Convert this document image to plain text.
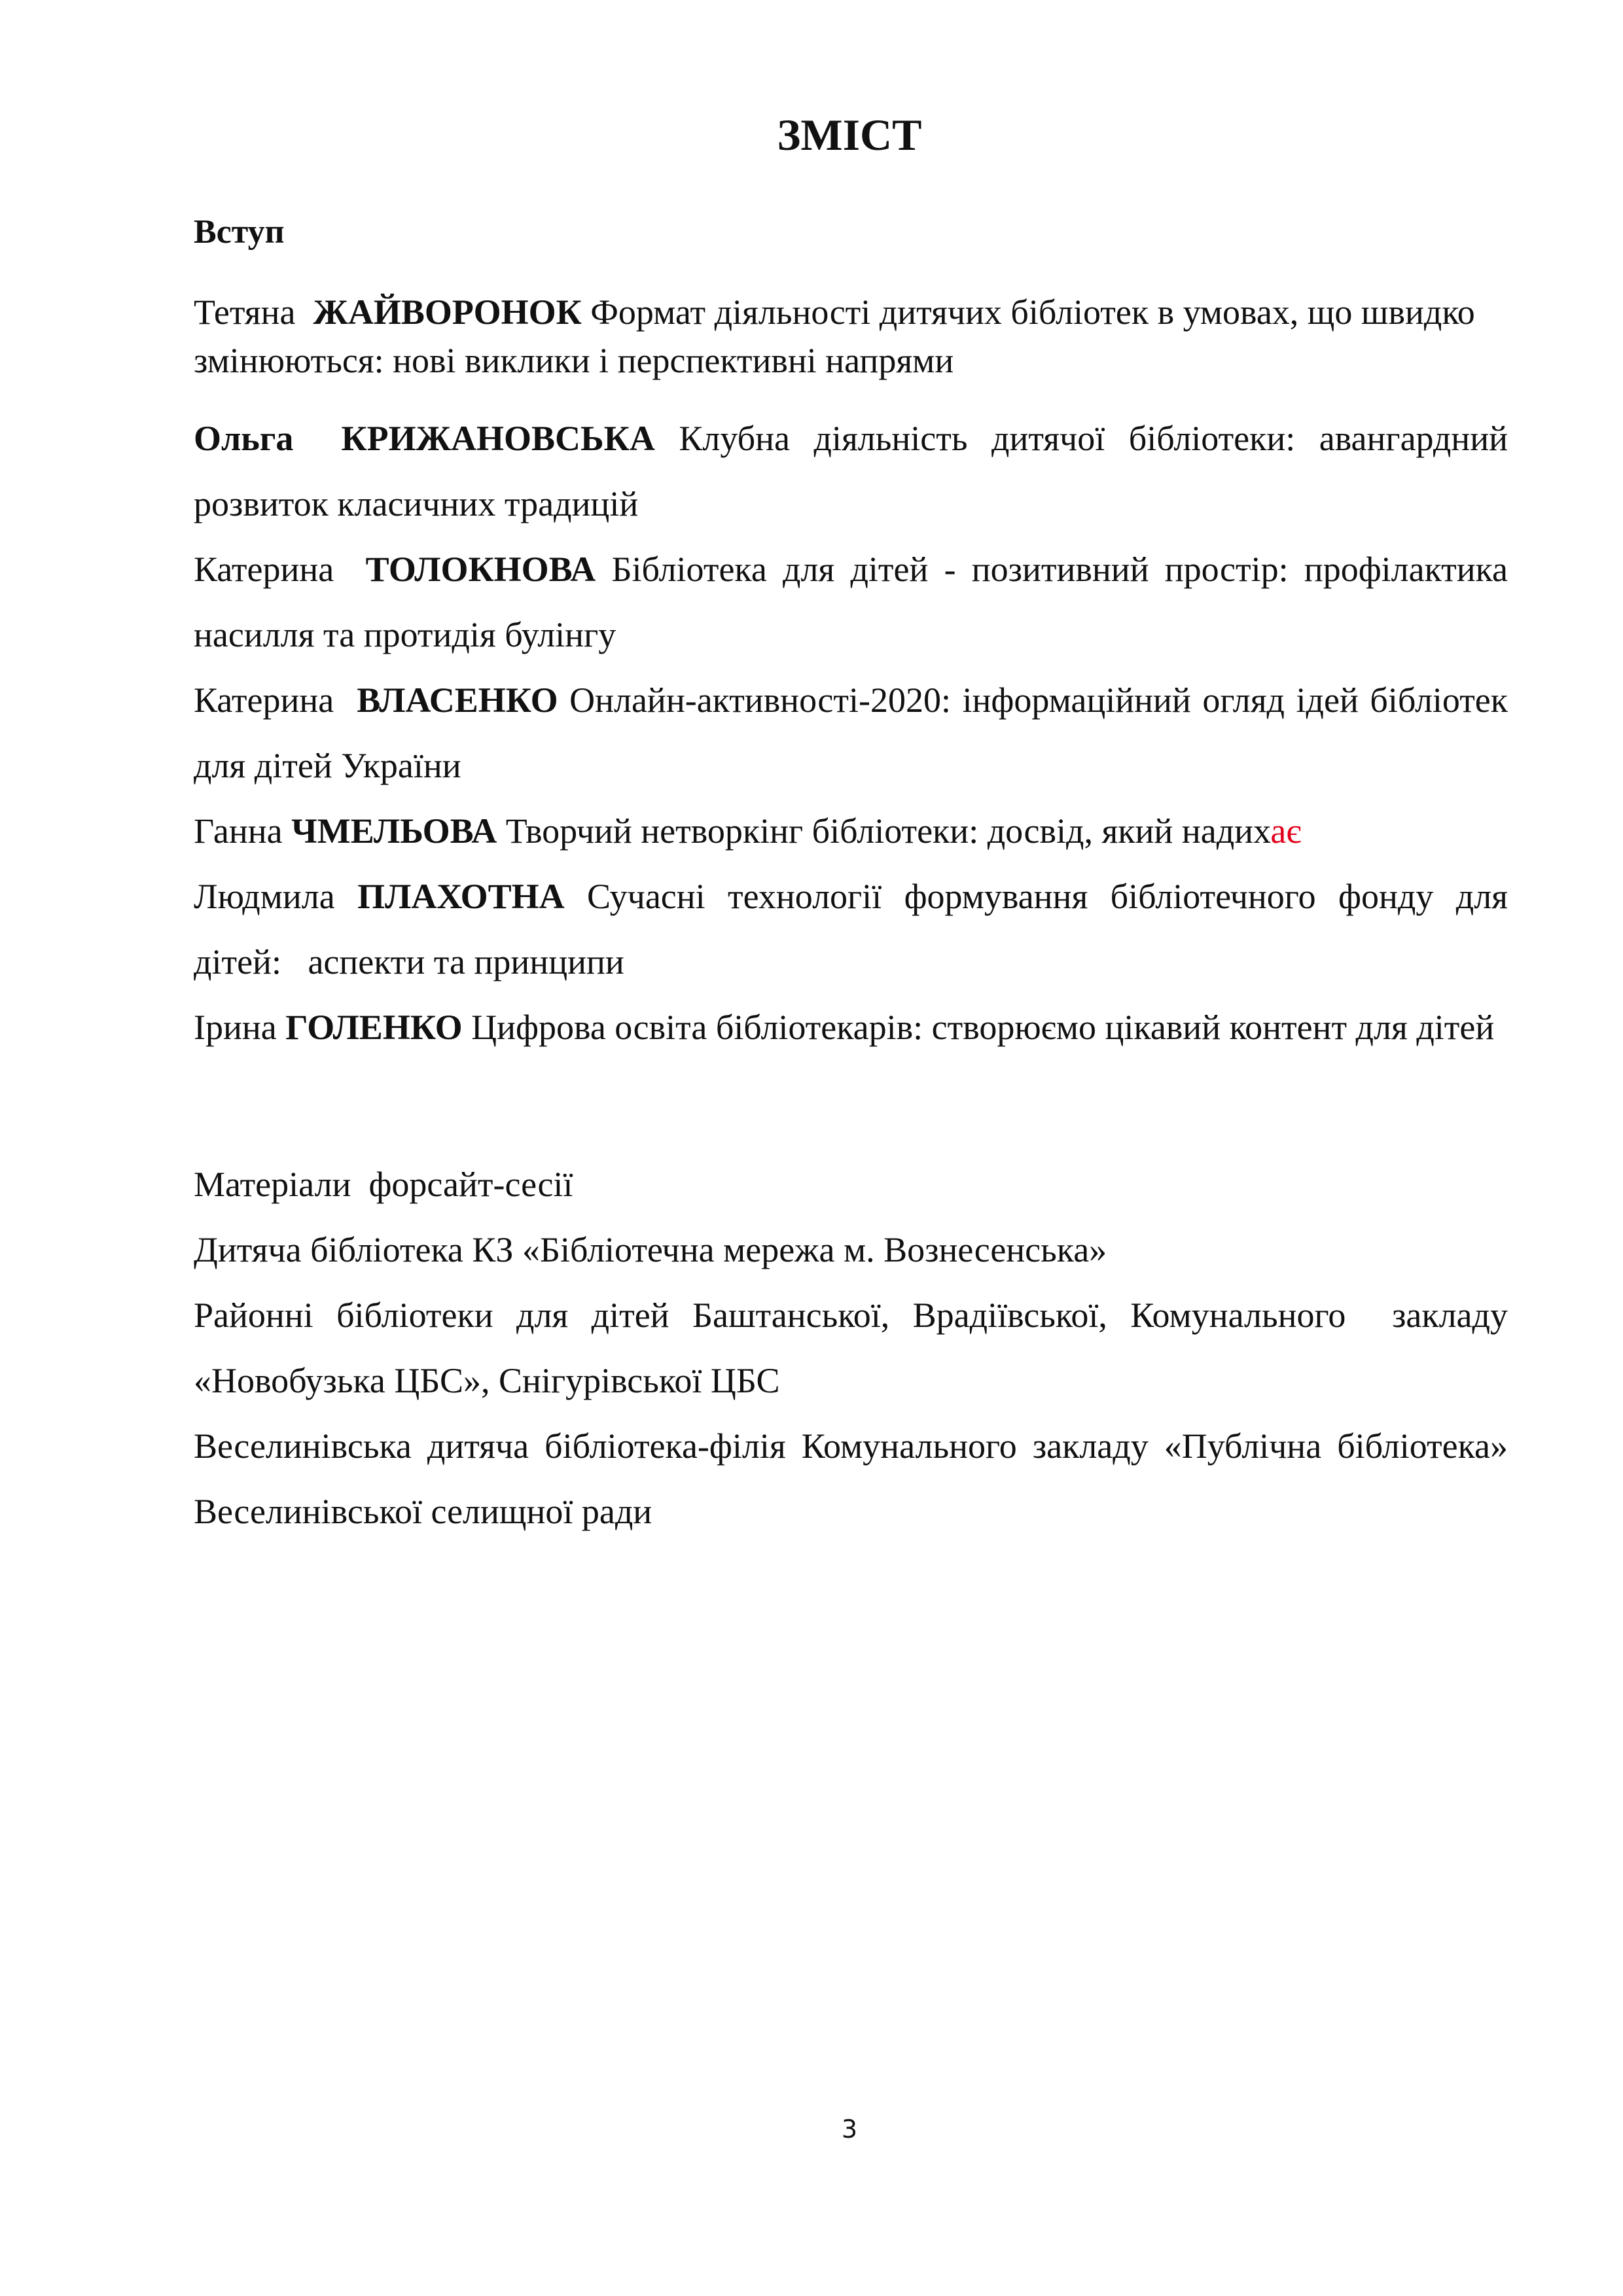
ЗМІСТ

Вступ

Тетяна ЖАЙВОРОНОК Формат діяльності дитячих бібліотек в умовах, що швидко змінюються: нові виклики і перспективні напрями

Ольга КРИЖАНОВСЬКА Клубна діяльність дитячої бібліотеки: авангардний розвиток класичних традицій

Катерина ТОЛОКНОВА Бібліотека для дітей - позитивний простір: профілактика насилля та протидія булінгу

Катерина ВЛАСЕНКО Онлайн-активності-2020: інформаційний огляд ідей бібліотек для дітей України

Ганна ЧМЕЛЬОВА Творчий нетворкінг бібліотеки: досвід, який надихає

Людмила ПЛАХОТНА Сучасні технології формування бібліотечного фонду для дітей:   аспекти та принципи

Ірина ГОЛЕНКО Цифрова освіта бібліотекарів: створюємо цікавий контент для дітей

Матеріали  форсайт-сесії

Дитяча бібліотека КЗ «Бібліотечна мережа м. Вознесенська»

Районні бібліотеки для дітей Баштанської, Врадіївської, Комунального  закладу «Новобузька ЦБС», Снігурівської ЦБС

Веселинівська дитяча бібліотека-філія Комунального закладу «Публічна бібліотека» Веселинівської селищної ради

3
